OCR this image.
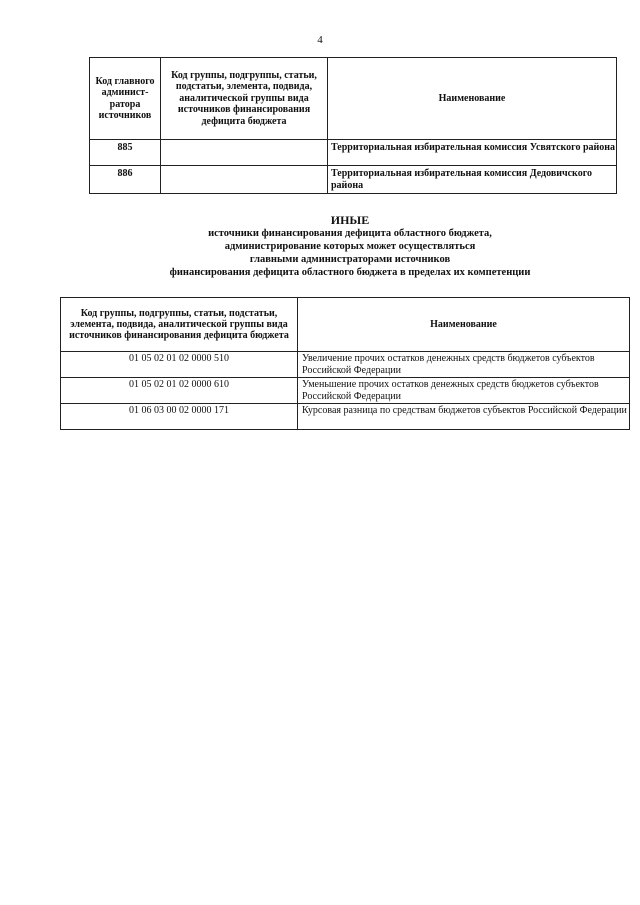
4
Код главного админист-ратора источников	Код группы, подгруппы, статьи, подстатьи, элемента, подвида, аналитической группы вида источников финансирования дефицита бюджета	Наименование
885		Территориальная избирательная комиссия Усвятского района
886		Территориальная избирательная комиссия Дедовичского района
ИНЫЕ
источники финансирования дефицита областного бюджета,
администрирование которых может осуществляться
главными администраторами источников
финансирования дефицита областного бюджета в пределах их компетенции
Код группы, подгруппы, статьи, подстатьи, элемента, подвида, аналитической группы вида источников финансирования дефицита бюджета	Наименование
01 05 02 01 02 0000 510	Увеличение прочих остатков денежных средств бюджетов субъектов Российской Федерации
01 05 02 01 02 0000 610	Уменьшение прочих остатков денежных средств бюджетов субъектов Российской Федерации
01 06 03 00 02 0000 171	Курсовая разница по средствам бюджетов субъектов Российской Федерации
